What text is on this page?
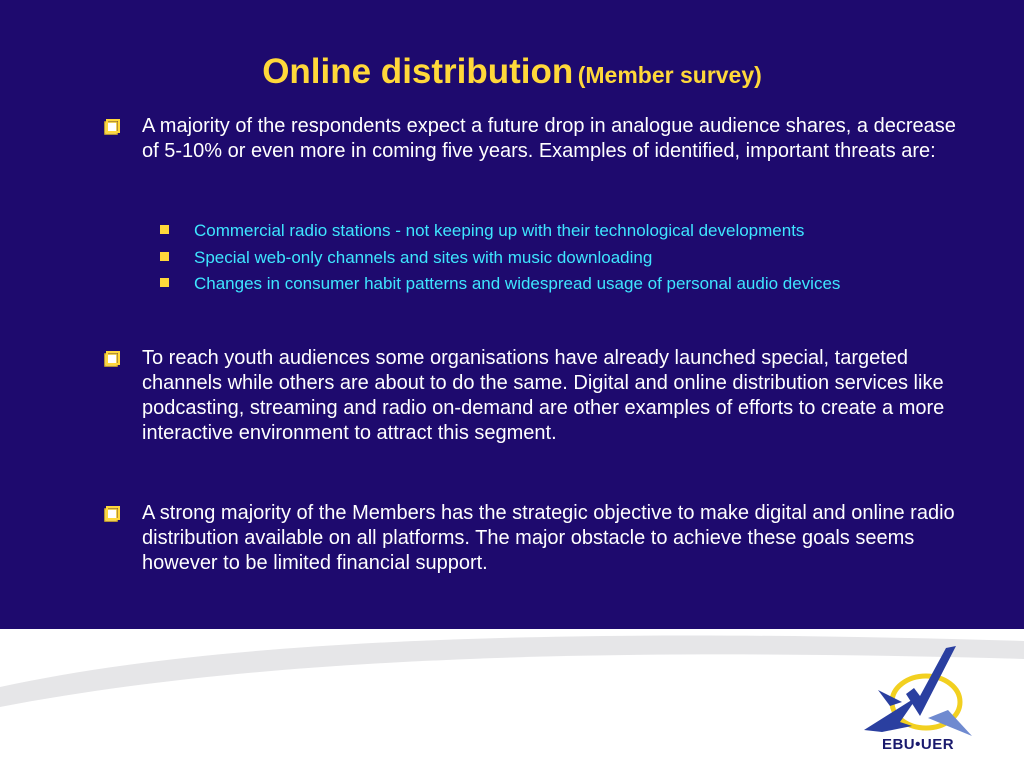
Online distribution (Member survey)
A majority of the respondents expect a future drop in analogue audience shares, a decrease of 5-10% or even more in coming five years. Examples of identified, important threats are:
Commercial radio stations - not keeping up with their technological developments
Special web-only channels and sites with music downloading
Changes in consumer habit patterns and widespread usage of personal audio devices
To reach youth audiences some organisations have already launched special, targeted channels while others are about to do the same. Digital and online distribution services like podcasting, streaming and radio on-demand are other examples of efforts to create a more interactive environment to attract this segment.
A strong majority of the Members has the strategic objective to make digital and online radio distribution available on all platforms. The major obstacle to achieve these goals seems however to be limited financial support.
EBU•UER
